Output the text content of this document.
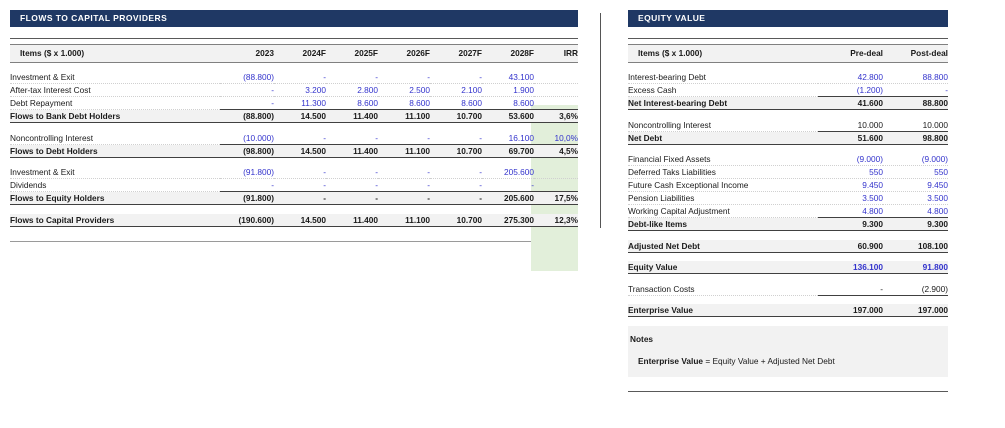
FLOWS TO CAPITAL PROVIDERS

Items ($ x 1.000)	2023	2024F	2025F	2026F	2027F	2028F	IRR

Investment & Exit	(88.800)	-	-	-	-	43.100	
After-tax Interest Cost	-	3.200	2.800	2.500	2.100	1.900	
Debt Repayment	-	11.300	8.600	8.600	8.600	8.600	
Flows to Bank Debt Holders	(88.800)	14.500	11.400	11.100	10.700	53.600	3,6%

Noncontrolling Interest	(10.000)	-	-	-	-	16.100	10,0%
Flows to Debt Holders	(98.800)	14.500	11.400	11.100	10.700	69.700	4,5%

Investment & Exit	(91.800)	-	-	-	-	205.600	
Dividends	-	-	-	-	-	-	
Flows to Equity Holders	(91.800)	-	-	-	-	205.600	17,5%

Flows to Capital Providers	(190.600)	14.500	11.400	11.100	10.700	275.300	12,3%
EQUITY VALUE

Items ($ x 1.000)	Pre-deal	Post-deal

Interest-bearing Debt	42.800	88.800
Excess Cash	(1.200)	-
Net Interest-bearing Debt	41.600	88.800

Noncontrolling Interest	10.000	10.000
Net Debt	51.600	98.800

Financial Fixed Assets	(9.000)	(9.000)
Deferred Taks Liabilities	550	550
Future Cash Exceptional Income	9.450	9.450
Pension Liabilities	3.500	3.500
Working Capital Adjustment	4.800	4.800
Debt-like Items	9.300	9.300

Adjusted Net Debt	60.900	108.100

Equity Value	136.100	91.800

Transaction Costs	-	(2.900)

Enterprise Value	197.000	197.000
Notes
Enterprise Value = Equity Value + Adjusted Net Debt
